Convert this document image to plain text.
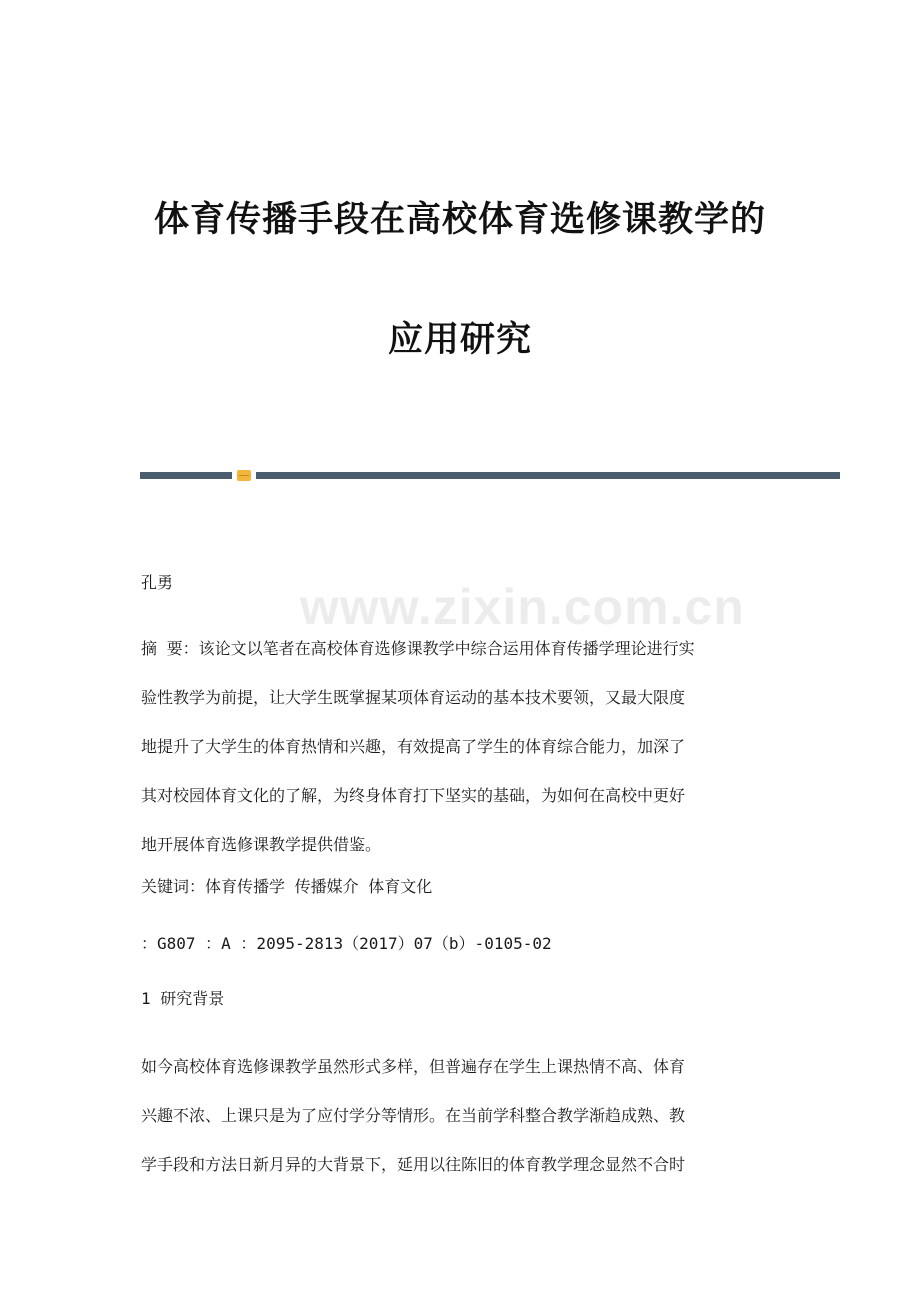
www.zixin.com.cn
体育传播手段在高校体育选修课教学的
应用研究
孔勇
摘 要：该论文以笔者在高校体育选修课教学中综合运用体育传播学理论进行实
验性教学为前提，让大学生既掌握某项体育运动的基本技术要领，又最大限度
地提升了大学生的体育热情和兴趣，有效提高了学生的体育综合能力，加深了
其对校园体育文化的了解，为终身体育打下坚实的基础，为如何在高校中更好
地开展体育选修课教学提供借鉴。
关键词：体育传播学 传播媒介 体育文化
：G807 ：A ：2095-2813（2017）07（b）-0105-02
1 研究背景
如今高校体育选修课教学虽然形式多样，但普遍存在学生上课热情不高、体育
兴趣不浓、上课只是为了应付学分等情形。在当前学科整合教学渐趋成熟、教
学手段和方法日新月异的大背景下，延用以往陈旧的体育教学理念显然不合时
